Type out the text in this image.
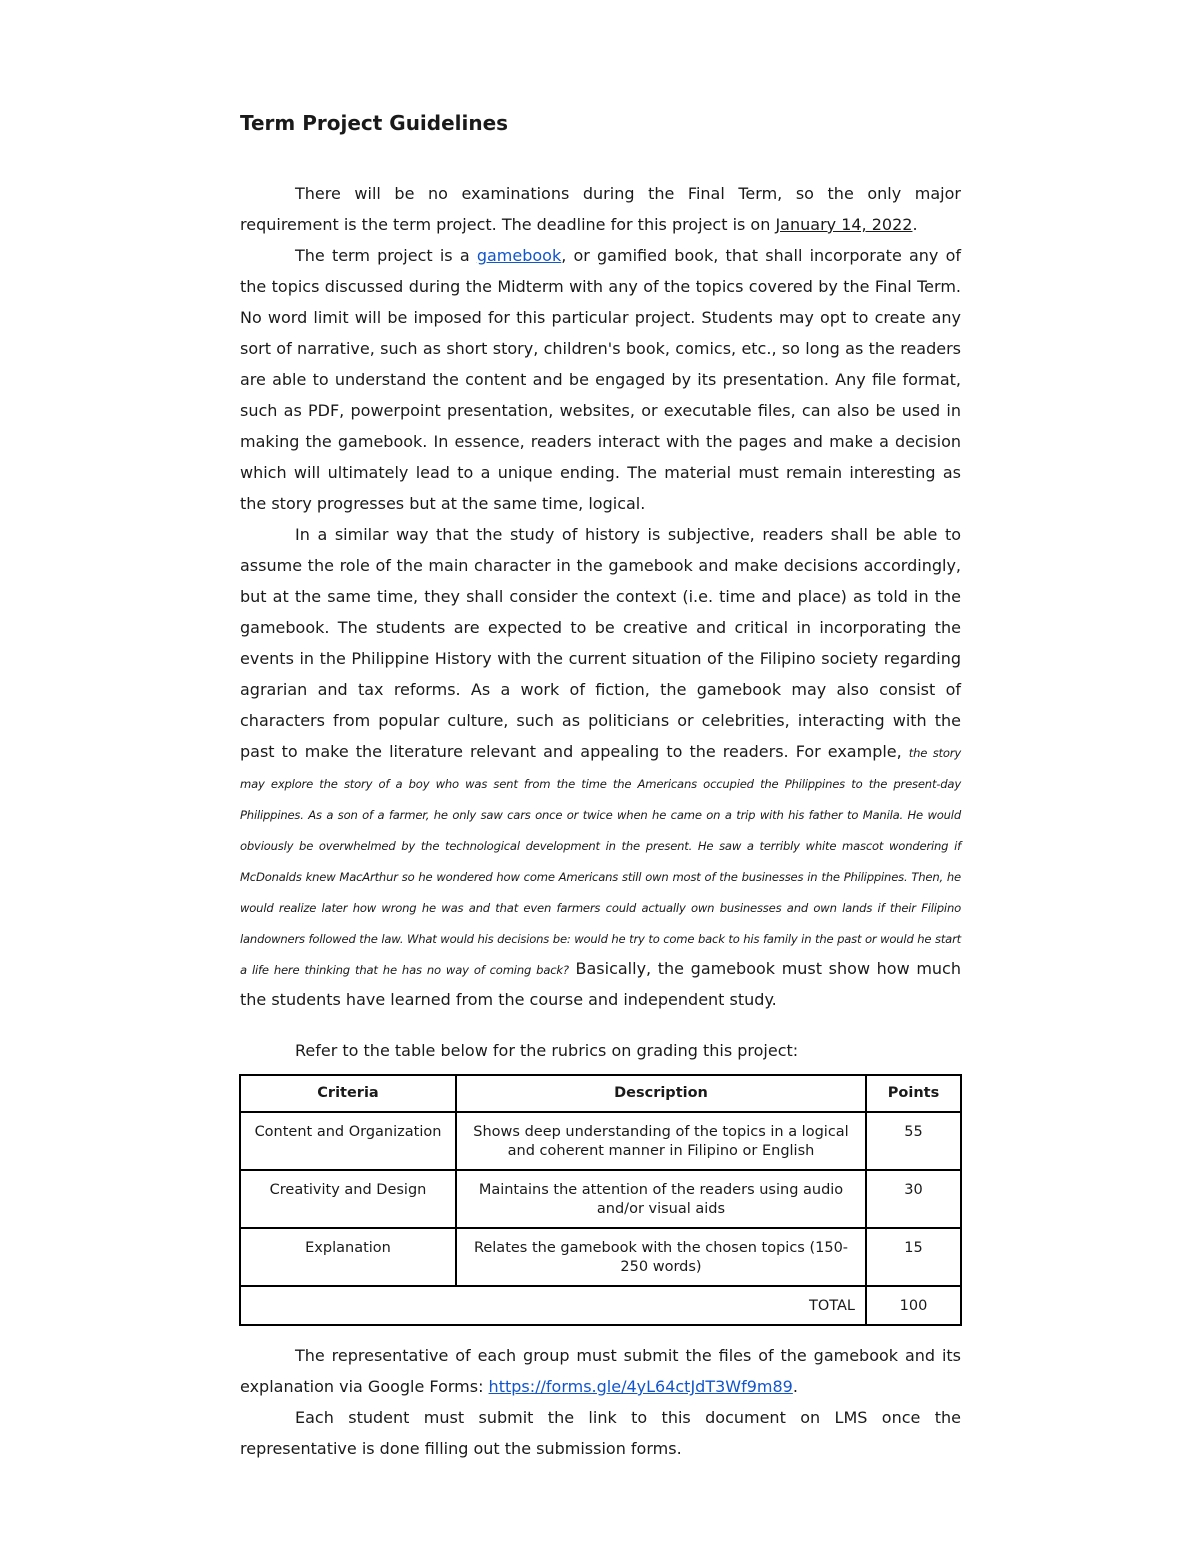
Term Project Guidelines

There will be no examinations during the Final Term, so the only major requirement is the term project. The deadline for this project is on January 14, 2022.

The term project is a gamebook, or gamified book, that shall incorporate any of the topics discussed during the Midterm with any of the topics covered by the Final Term. No word limit will be imposed for this particular project. Students may opt to create any sort of narrative, such as short story, children's book, comics, etc., so long as the readers are able to understand the content and be engaged by its presentation. Any file format, such as PDF, powerpoint presentation, websites, or executable files, can also be used in making the gamebook. In essence, readers interact with the pages and make a decision which will ultimately lead to a unique ending. The material must remain interesting as the story progresses but at the same time, logical.

In a similar way that the study of history is subjective, readers shall be able to assume the role of the main character in the gamebook and make decisions accordingly, but at the same time, they shall consider the context (i.e. time and place) as told in the gamebook. The students are expected to be creative and critical in incorporating the events in the Philippine History with the current situation of the Filipino society regarding agrarian and tax reforms. As a work of fiction, the gamebook may also consist of characters from popular culture, such as politicians or celebrities, interacting with the past to make the literature relevant and appealing to the readers. For example, the story may explore the story of a boy who was sent from the time the Americans occupied the Philippines to the present-day Philippines. As a son of a farmer, he only saw cars once or twice when he came on a trip with his father to Manila. He would obviously be overwhelmed by the technological development in the present. He saw a terribly white mascot wondering if McDonalds knew MacArthur so he wondered how come Americans still own most of the businesses in the Philippines. Then, he would realize later how wrong he was and that even farmers could actually own businesses and own lands if their Filipino landowners followed the law. What would his decisions be: would he try to come back to his family in the past or would he start a life here thinking that he has no way of coming back? Basically, the gamebook must show how much the students have learned from the course and independent study.

Refer to the table below for the rubrics on grading this project:

Criteria	Description	Points
Content and Organization	Shows deep understanding of the topics in a logical and coherent manner in Filipino or English	55
Creativity and Design	Maintains the attention of the readers using audio and/or visual aids	30
Explanation	Relates the gamebook with the chosen topics (150-250 words)	15
TOTAL		100

The representative of each group must submit the files of the gamebook and its explanation via Google Forms: https://forms.gle/4yL64ctJdT3Wf9m89.

Each student must submit the link to this document on LMS once the representative is done filling out the submission forms.
